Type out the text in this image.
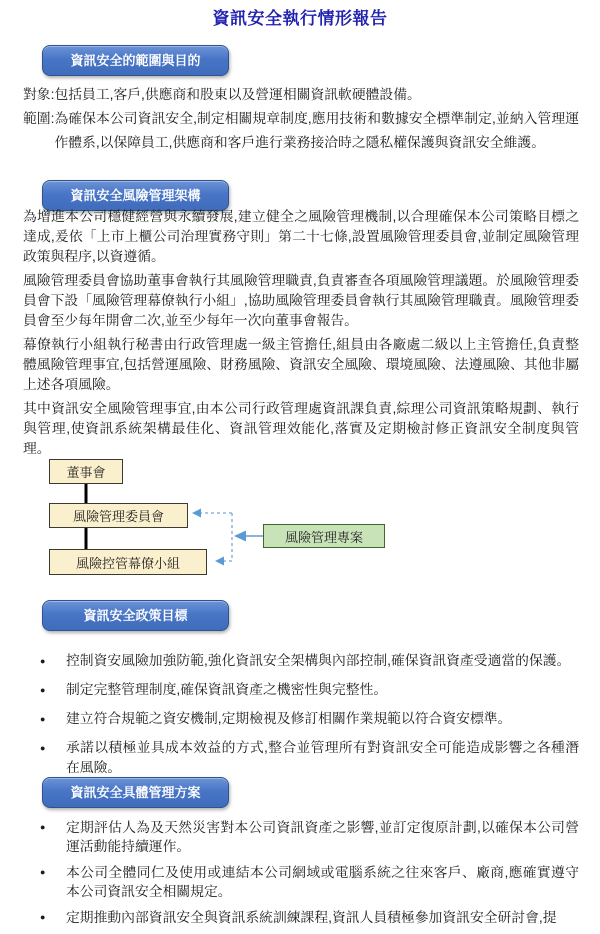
資訊安全執行情形報告
資訊安全的範圍與目的
對象: 包括員工,客戶,供應商和股東以及營運相關資訊軟硬體設備。
範圍: 為確保本公司資訊安全,制定相關規章制度,應用技術和數據安全標準制定,並納入管理運作體系,以保障員工,供應商和客戶進行業務接洽時之隱私權保護與資訊安全維護。
資訊安全風險管理架構

為增進本公司穩健經營與永續發展,建立健全之風險管理機制,以合理確保本公司策略目標之達成,爰依「上市上櫃公司治理實務守則」第二十七條,設置風險管理委員會,並制定風險管理政策與程序,以資遵循。

風險管理委員會協助董事會執行其風險管理職責,負責審查各項風險管理議題。於風險管理委員會下設「風險管理幕僚執行小組」,協助風險管理委員會執行其風險管理職責。風險管理委員會至少每年開會二次,並至少每年一次向董事會報告。

幕僚執行小組執行秘書由行政管理處一級主管擔任,組員由各廠處二級以上主管擔任,負責整體風險管理事宜,包括營運風險、財務風險、資訊安全風險、環境風險、法遵風險、其他非屬上述各項風險。

其中資訊安全風險管理事宜,由本公司行政管理處資訊課負責,綜理公司資訊策略規劃、執行與管理,使資訊系統架構最佳化、資訊管理效能化,落實及定期檢討修正資訊安全制度與管理。

董事會
風險管理委員會
風險控管幕僚小組
風險管理專案
資訊安全政策目標
●	控制資安風險加強防範,強化資訊安全架構與內部控制,確保資訊資產受適當的保護。
●	制定完整管理制度,確保資訊資產之機密性與完整性。
●	建立符合規範之資安機制,定期檢視及修訂相關作業規範以符合資安標準。
●	承諾以積極並具成本效益的方式,整合並管理所有對資訊安全可能造成影響之各種潛在風險。
資訊安全具體管理方案
●	定期評估人為及天然災害對本公司資訊資產之影響,並訂定復原計劃,以確保本公司營運活動能持續運作。
●	本公司全體同仁及使用或連結本公司網域或電腦系統之往來客戶、廠商,應確實遵守本公司資訊安全相關規定。
●	定期推動內部資訊安全與資訊系統訓練課程,資訊人員積極參加資訊安全研討會,提
